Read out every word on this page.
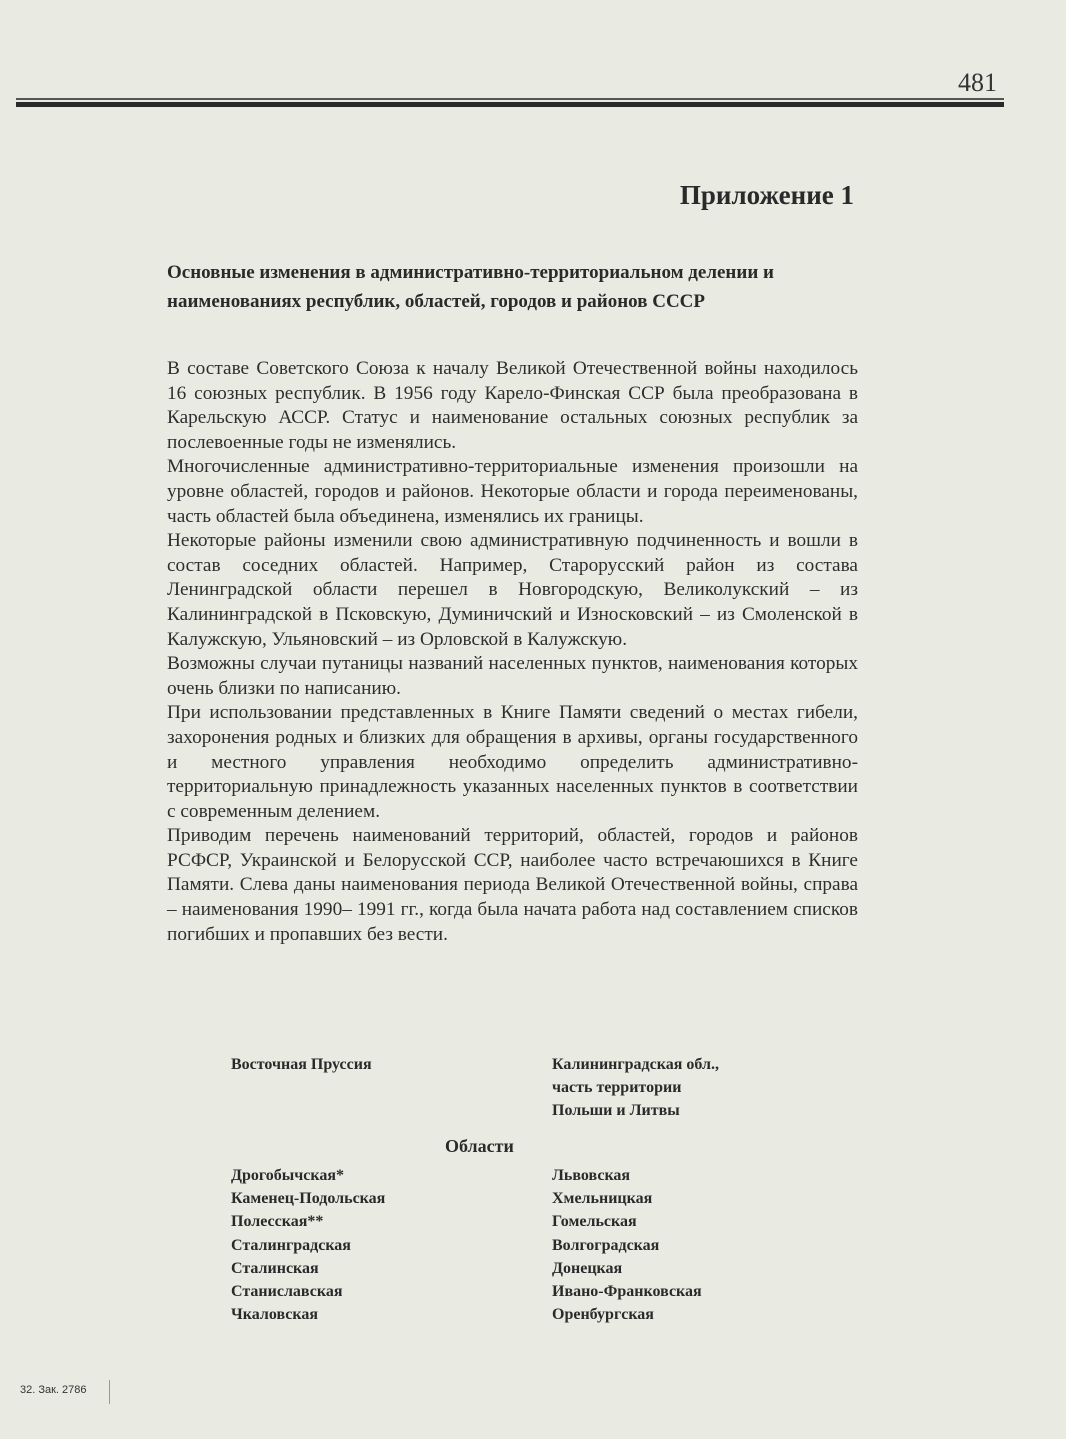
481
Приложение 1
Основные изменения в административно-территориальном делении и наименованиях республик, областей, городов и районов СССР

В составе Советского Союза к началу Великой Отечественной войны находилось 16 союзных республик. В 1956 году Карело-Финская ССР была преобразована в Карельскую АССР. Статус и наименование остальных союзных республик за послевоенные годы не изменялись.

Многочисленные административно-территориальные изменения произошли на уровне областей, городов и районов. Некоторые области и города переименованы, часть областей была объединена, изменялись их границы.

Некоторые районы изменили свою административную подчиненность и вошли в состав соседних областей. Например, Старорусский район из состава Ленинградской области перешел в Новгородскую, Великолукский – из Калининградской в Псковскую, Думиничский и Износковский – из Смоленской в Калужскую, Ульяновский – из Орловской в Калужскую.

Возможны случаи путаницы названий населенных пунктов, наименования которых очень близки по написанию.

При использовании представленных в Книге Памяти сведений о местах гибели, захоронения родных и близких для обращения в архивы, органы государственного и местного управления необходимо определить административно-территориальную принадлежность указанных населенных пунктов в соответствии с современным делением.

Приводим перечень наименований территорий, областей, городов и районов РСФСР, Украинской и Белорусской ССР, наиболее часто встречаюшихся в Книге Памяти. Слева даны наименования периода Великой Отечественной войны, справа – наименования 1990– 1991 гг., когда была начата работа над составлением списков погибших и пропавших без вести.

Восточная Пруссия	Калининградская обл.,
часть территории
Польши и Литвы
Области
Дрогобычская*	Львовская
Каменец-Подольская	Хмельницкая
Полесская**	Гомельская
Сталинградская	Волгоградская
Сталинская	Донецкая
Станиславская	Ивано-Франковская
Чкаловская	Оренбургская
32. Зак. 2786
